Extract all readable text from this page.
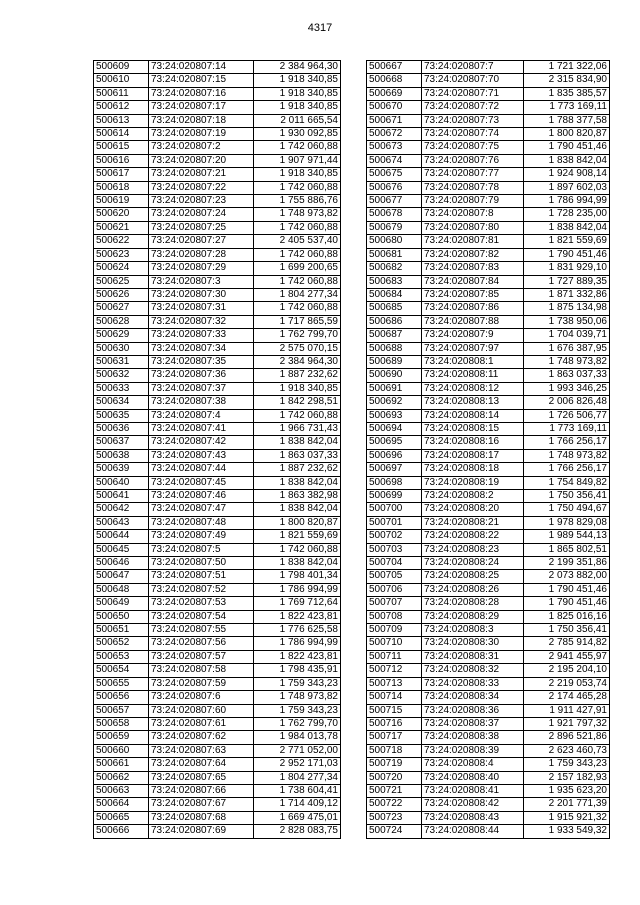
4317
500609	73:24:020807:14	2 384 964,30
500610	73:24:020807:15	1 918 340,85
500611	73:24:020807:16	1 918 340,85
500612	73:24:020807:17	1 918 340,85
500613	73:24:020807:18	2 011 665,54
500614	73:24:020807:19	1 930 092,85
500615	73:24:020807:2	1 742 060,88
500616	73:24:020807:20	1 907 971,44
500617	73:24:020807:21	1 918 340,85
500618	73:24:020807:22	1 742 060,88
500619	73:24:020807:23	1 755 886,76
500620	73:24:020807:24	1 748 973,82
500621	73:24:020807:25	1 742 060,88
500622	73:24:020807:27	2 405 537,40
500623	73:24:020807:28	1 742 060,88
500624	73:24:020807:29	1 699 200,65
500625	73:24:020807:3	1 742 060,88
500626	73:24:020807:30	1 804 277,34
500627	73:24:020807:31	1 742 060,88
500628	73:24:020807:32	1 717 865,59
500629	73:24:020807:33	1 762 799,70
500630	73:24:020807:34	2 575 070,15
500631	73:24:020807:35	2 384 964,30
500632	73:24:020807:36	1 887 232,62
500633	73:24:020807:37	1 918 340,85
500634	73:24:020807:38	1 842 298,51
500635	73:24:020807:4	1 742 060,88
500636	73:24:020807:41	1 966 731,43
500637	73:24:020807:42	1 838 842,04
500638	73:24:020807:43	1 863 037,33
500639	73:24:020807:44	1 887 232,62
500640	73:24:020807:45	1 838 842,04
500641	73:24:020807:46	1 863 382,98
500642	73:24:020807:47	1 838 842,04
500643	73:24:020807:48	1 800 820,87
500644	73:24:020807:49	1 821 559,69
500645	73:24:020807:5	1 742 060,88
500646	73:24:020807:50	1 838 842,04
500647	73:24:020807:51	1 798 401,34
500648	73:24:020807:52	1 786 994,99
500649	73:24:020807:53	1 769 712,64
500650	73:24:020807:54	1 822 423,81
500651	73:24:020807:55	1 776 625,58
500652	73:24:020807:56	1 786 994,99
500653	73:24:020807:57	1 822 423,81
500654	73:24:020807:58	1 798 435,91
500655	73:24:020807:59	1 759 343,23
500656	73:24:020807:6	1 748 973,82
500657	73:24:020807:60	1 759 343,23
500658	73:24:020807:61	1 762 799,70
500659	73:24:020807:62	1 984 013,78
500660	73:24:020807:63	2 771 052,00
500661	73:24:020807:64	2 952 171,03
500662	73:24:020807:65	1 804 277,34
500663	73:24:020807:66	1 738 604,41
500664	73:24:020807:67	1 714 409,12
500665	73:24:020807:68	1 669 475,01
500666	73:24:020807:69	2 828 083,75
500667	73:24:020807:7	1 721 322,06
500668	73:24:020807:70	2 315 834,90
500669	73:24:020807:71	1 835 385,57
500670	73:24:020807:72	1 773 169,11
500671	73:24:020807:73	1 788 377,58
500672	73:24:020807:74	1 800 820,87
500673	73:24:020807:75	1 790 451,46
500674	73:24:020807:76	1 838 842,04
500675	73:24:020807:77	1 924 908,14
500676	73:24:020807:78	1 897 602,03
500677	73:24:020807:79	1 786 994,99
500678	73:24:020807:8	1 728 235,00
500679	73:24:020807:80	1 838 842,04
500680	73:24:020807:81	1 821 559,69
500681	73:24:020807:82	1 790 451,46
500682	73:24:020807:83	1 831 929,10
500683	73:24:020807:84	1 727 889,35
500684	73:24:020807:85	1 871 332,86
500685	73:24:020807:86	1 875 134,98
500686	73:24:020807:88	1 738 950,06
500687	73:24:020807:9	1 704 039,71
500688	73:24:020807:97	1 676 387,95
500689	73:24:020808:1	1 748 973,82
500690	73:24:020808:11	1 863 037,33
500691	73:24:020808:12	1 993 346,25
500692	73:24:020808:13	2 006 826,48
500693	73:24:020808:14	1 726 506,77
500694	73:24:020808:15	1 773 169,11
500695	73:24:020808:16	1 766 256,17
500696	73:24:020808:17	1 748 973,82
500697	73:24:020808:18	1 766 256,17
500698	73:24:020808:19	1 754 849,82
500699	73:24:020808:2	1 750 356,41
500700	73:24:020808:20	1 750 494,67
500701	73:24:020808:21	1 978 829,08
500702	73:24:020808:22	1 989 544,13
500703	73:24:020808:23	1 865 802,51
500704	73:24:020808:24	2 199 351,86
500705	73:24:020808:25	2 073 882,00
500706	73:24:020808:26	1 790 451,46
500707	73:24:020808:28	1 790 451,46
500708	73:24:020808:29	1 825 016,16
500709	73:24:020808:3	1 750 356,41
500710	73:24:020808:30	2 785 914,82
500711	73:24:020808:31	2 941 455,97
500712	73:24:020808:32	2 195 204,10
500713	73:24:020808:33	2 219 053,74
500714	73:24:020808:34	2 174 465,28
500715	73:24:020808:36	1 911 427,91
500716	73:24:020808:37	1 921 797,32
500717	73:24:020808:38	2 896 521,86
500718	73:24:020808:39	2 623 460,73
500719	73:24:020808:4	1 759 343,23
500720	73:24:020808:40	2 157 182,93
500721	73:24:020808:41	1 935 623,20
500722	73:24:020808:42	2 201 771,39
500723	73:24:020808:43	1 915 921,32
500724	73:24:020808:44	1 933 549,32
